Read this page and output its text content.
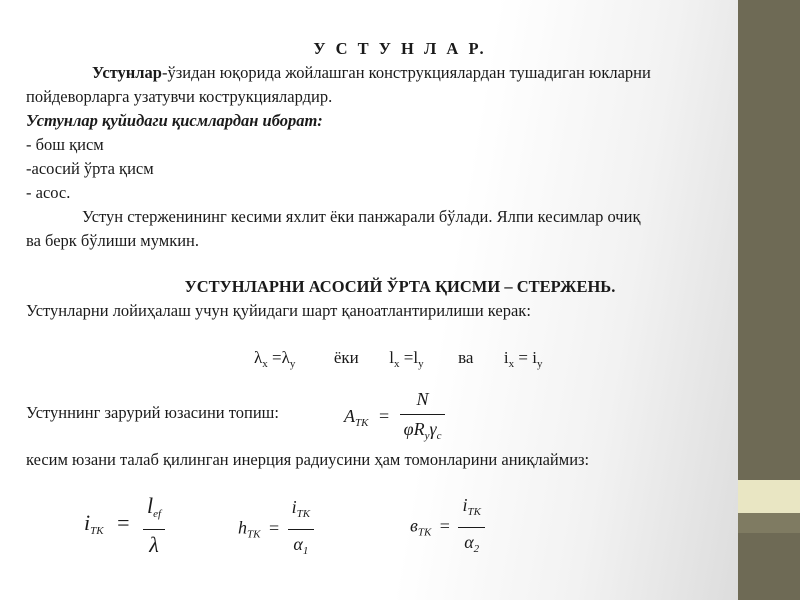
У С Т У Н Л А Р.
Устунлар-ўзидан юқорида жойлашган конструкциялардан тушадиган юкларни
пойдеворларга узатувчи кострукциялардир.
Устунлар қуйидаги қисмлардан иборат:
- бош қисм
-асосий ўрта қисм
- асос.
Устун стерженининг кесими яхлит ёки панжарали бўлади. Ялпи кесимлар очиқ
ва берк бўлиши мумкин.
УСТУНЛАРНИ АСОСИЙ ЎРТА ҚИСМИ – СТЕРЖЕНЬ.
Устунларни лойиҳалаш учун қуйидаги шарт қаноатлантирилиши керак:
$\lambda_x =\lambda_y$ ёки $l_x =l_y$ ва $i_x = i_y$
Устуннинг зарурий юзасини топиш:	$A_{TK} = \frac{N}{\varphi R_y\gamma_c}$
кесим юзани талаб қилинган инерция радиусини ҳам томонларини аниқлаймиз:
$i_{TK} = \frac{l_{ef}}{\lambda}$	$h_{TK} = \frac{i_{TK}}{\alpha_1}$	$в_{TK} = \frac{i_{TK}}{\alpha_2}$
